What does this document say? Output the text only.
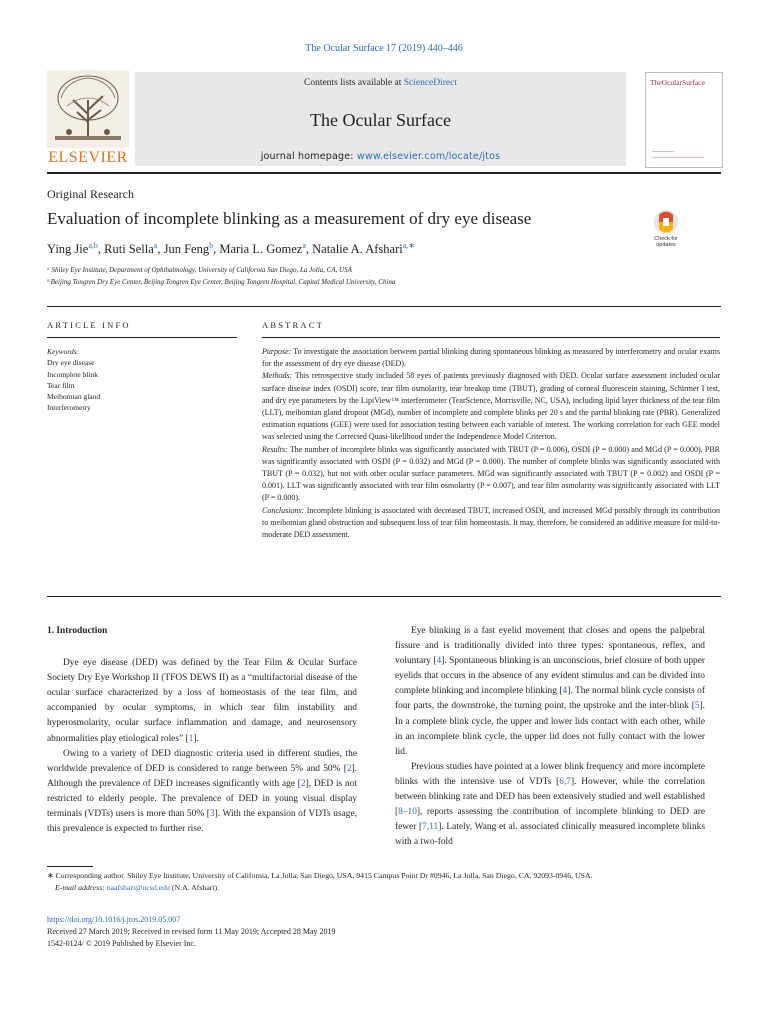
The Ocular Surface 17 (2019) 440–446
ELSEVIER
Contents lists available at ScienceDirect
The Ocular Surface
journal homepage: www.elsevier.com/locate/jtos
TheOcularSurface
Original Research
Evaluation of incomplete blinking as a measurement of dry eye disease
Ying Jie$^{a,b}$, Ruti Sella$^a$, Jun Feng$^b$, Maria L. Gomez$^a$, Natalie A. Afshari$^{a,∗}$
Check for updates
ᵃ Shiley Eye Institute, Department of Ophthalmology, University of California San Diego, La Jolla, CA, USA
ᵇ Beijing Tongren Dry Eye Center, Beijing Tongren Eye Center, Beijing Tongren Hospital, Capital Medical University, China
ARTICLE INFO	ABSTRACT
Keywords:
Dry eye disease
Incomplete blink
Tear film
Meibomian gland
Interferometry

Purpose: To investigate the association between partial blinking during spontaneous blinking as measured by interferometry and ocular exams for the assessment of dry eye disease (DED).

Methods: This retrospective study included 58 eyes of patients previously diagnosed with DED. Ocular surface assessment included ocular surface disease index (OSDI) score, tear film osmolarity, tear breakup time (TBUT), grading of corneal fluorescein staining, Schirmer I test, and dry eye parameters by the LipiView™ interferometer (TearScience, Morrisville, NC, USA), including lipid layer thickness of the tear film (LLT), meibomian gland dropout (MGd), number of incomplete and complete blinks per 20 s and the partial blinking rate (PBR). Generalized estimation equations (GEE) were used for association testing between each variable of interest. The working correlation for each GEE model was selected using the Corrected Quasi-likelihood under the Independence Model Criterion.

Results: The number of incomplete blinks was significantly associated with TBUT (P = 0.006), OSDI (P = 0.000) and MGd (P = 0.000). PBR was significantly associated with OSDI (P = 0.032) and MGd (P = 0.000). The number of complete blinks was significantly associated with TBUT (P = 0.032), but not with other ocular surface parameters. MGd was significantly associated with TBUT (P = 0.002) and OSDI (P = 0.001). LLT was significantly associated with tear film osmolarity (P = 0.007), and tear film osmolarity was significantly associated with LLT (P = 0.000).

Conclusions: Incomplete blinking is associated with decreased TBUT, increased OSDI, and increased MGd possibly through its contribution to meibomian gland obstruction and subsequent loss of tear film homeostasis. It may, therefore, be considered an additive measure for mild-to-moderate DED assessment.

1. Introduction

Dye eye disease (DED) was defined by the Tear Film & Ocular Surface Society Dry Eye Workshop II (TFOS DEWS II) as a “multifactorial disease of the ocular surface characterized by a loss of homeostasis of the tear film, and accompanied by ocular symptoms, in which tear film instability and hyperosmolarity, ocular surface inflammation and damage, and neurosensory abnormalities play etiological roles” [1].

Owing to a variety of DED diagnostic criteria used in different studies, the worldwide prevalence of DED is considered to range between 5% and 50% [2]. Although the prevalence of DED increases significantly with age [2], DED is not restricted to elderly people. The prevalence of DED in young visual display terminals (VDTs) users is more than 50% [3]. With the expansion of VDTs usage, this prevalence is expected to further rise.

Eye blinking is a fast eyelid movement that closes and opens the palpebral fissure and is traditionally divided into three types: spontaneous, reflex, and voluntary [4]. Spontaneous blinking is an unconscious, brief closure of both upper eyelids that occurs in the absence of any evident stimulus and can be divided into complete blinking and incomplete blinking [4]. The normal blink cycle consists of four parts, the downstroke, the turning point, the upstroke and the inter-blink [5]. In a complete blink cycle, the upper and lower lids contact with each other, while in an incomplete blink cycle, the upper lid does not fully contact with the lower lid.

Previous studies have pointed at a lower blink frequency and more incomplete blinks with the intensive use of VDTs [6,7]. However, while the correlation between blinking rate and DED has been extensively studied and well established [8–10], reports assessing the contribution of incomplete blinking to DED are fewer [7,11]. Lately, Wang et al. associated clinically measured incomplete blinks with a two-fold

∗ Corresponding author. Shiley Eye Institute, University of California, La Jolla, San Diego, USA, 9415 Campus Point Dr #0946, La Jolla, San Diego, CA, 92093-0946, USA.

E-mail address: naafshari@ucsd.edu (N.A. Afshari).

https://doi.org/10.1016/j.jtos.2019.05.007

Received 27 March 2019; Received in revised form 11 May 2019; Accepted 28 May 2019

1542-0124/ © 2019 Published by Elsevier Inc.
